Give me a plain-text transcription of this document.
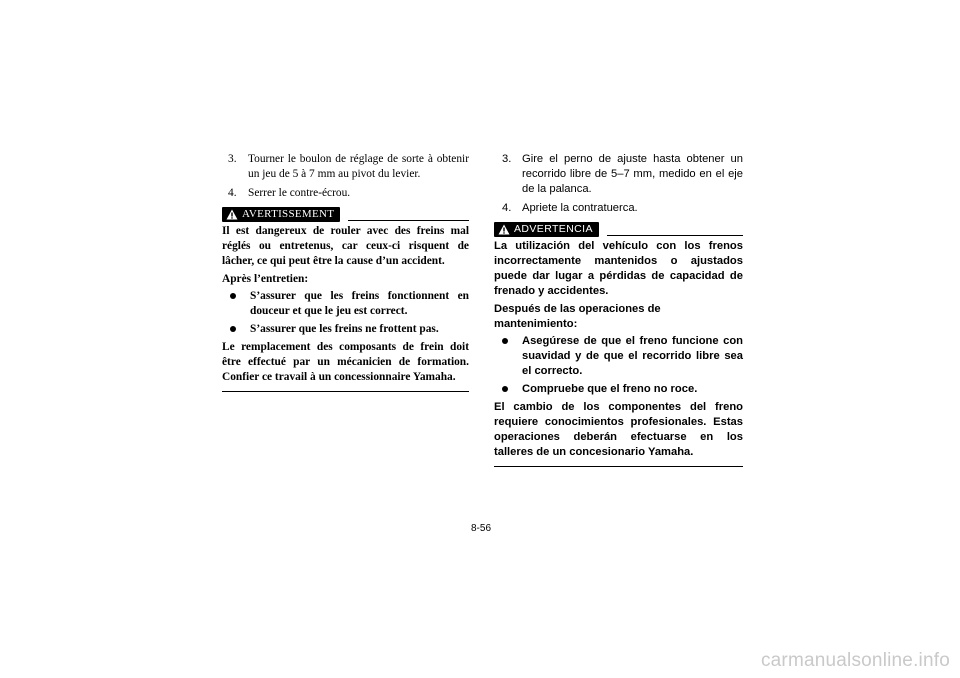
3.	Tourner le boulon de réglage de sorte à obtenir un jeu de 5 à 7 mm au pivot du levier.
4.	Serrer le contre-écrou.
AVERTISSEMENT
Il est dangereux de rouler avec des freins mal réglés ou entretenus, car ceux-ci risquent de lâcher, ce qui peut être la cause d’un accident.
Après l’entretien:
S’assurer que les freins fonctionnent en douceur et que le jeu est correct.
S’assurer que les freins ne frottent pas.
Le remplacement des composants de frein doit être effectué par un mécanicien de formation. Confier ce travail à un concessionnaire Yamaha.
3. Gire el perno de ajuste hasta obtener un recorrido libre de 5–7 mm, medido en el eje de la palanca.
4. Apriete la contratuerca.
ADVERTENCIA
La utilización del vehículo con los frenos incorrectamente mantenidos o ajustados puede dar lugar a pérdidas de capacidad de frenado y accidentes.
Después de las operaciones de mantenimiento:
Asegúrese de que el freno funcione con suavidad y de que el recorrido libre sea el correcto.
Compruebe que el freno no roce.
El cambio de los componentes del freno requiere conocimientos profesionales. Estas operaciones deberán efectuarse en los talleres de un concesionario Yamaha.
8-56
carmanualsonline.info
